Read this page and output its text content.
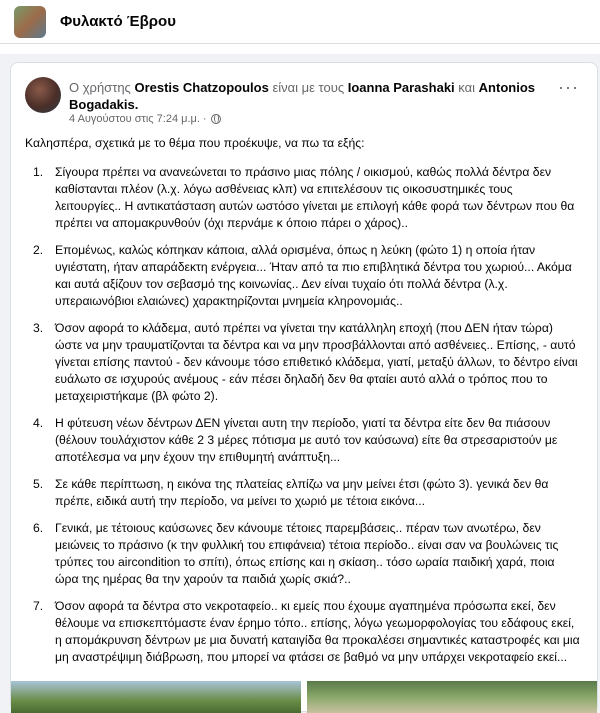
Φυλακτό Έβρου
Ο χρήστης Orestis Chatzopoulos είναι με τους Ioanna Parashaki και Antonios Bogadakis.
4 Αυγούστου στις 7:24 μ.μ. ·
···

Καλησπέρα, σχετικά με το θέμα που προέκυψε, να πω τα εξής:

1. Σίγουρα πρέπει να ανανεώνεται το πράσινο μιας πόλης / οικισμού, καθώς πολλά δέντρα δεν καθίστανται πλέον (λ.χ. λόγω ασθένειας κλπ) να επιτελέσουν τις οικοσυστημικές τους λειτουργίες.. Η αντικατάσταση αυτών ωστόσο γίνεται με επιλογή κάθε φορά των δέντρων που θα πρέπει να απομακρυνθούν (όχι περνάμε κ όποιο πάρει ο χάρος)..
2. Επομένως, καλώς κόπηκαν κάποια, αλλά ορισμένα, όπως η λεύκη (φώτο 1) η οποία ήταν υγιέστατη, ήταν απαράδεκτη ενέργεια... Ήταν από τα πιο επιβλητικά δέντρα του χωριού... Ακόμα και αυτά αξίζουν τον σεβασμό της κοινωνίας.. Δεν είναι τυχαίο ότι πολλά δέντρα (λ.χ. υπεραιωνόβιοι ελαιώνες) χαρακτηρίζονται μνημεία κληρονομιάς..
3. Όσον αφορά το κλάδεμα, αυτό πρέπει να γίνεται την κατάλληλη εποχή (που ΔΕΝ ήταν τώρα) ώστε να μην τραυματίζονται τα δέντρα και να μην προσβάλλονται από ασθένειες.. Επίσης, - αυτό γίνεται επίσης παντού - δεν κάνουμε τόσο επιθετικό κλάδεμα, γιατί, μεταξύ άλλων, το δέντρο είναι ευάλωτο σε ισχυρούς ανέμους - εάν πέσει δηλαδή δεν θα φταίει αυτό αλλά ο τρόπος που το μεταχειριστήκαμε (βλ φώτο 2).
4. Η φύτευση νέων δέντρων ΔΕΝ γίνεται αυτη την περίοδο, γιατί τα δέντρα είτε δεν θα πιάσουν (θέλουν τουλάχιστον κάθε 2 3 μέρες πότισμα με αυτό τον καύσωνα) είτε θα στρεσαριστούν με αποτέλεσμα να μην έχουν την επιθυμητή ανάπτυξη...
5. Σε κάθε περίπτωση, η εικόνα της πλατείας ελπίζω να μην μείνει έτσι (φώτο 3). γενικά δεν θα πρέπε, ειδικά αυτή την περίοδο, να μείνει το χωριό με τέτοια εικόνα...
6. Γενικά, με τέτοιους καύσωνες δεν κάνουμε τέτοιες παρεμβάσεις.. πέραν των ανωτέρω, δεν μειώνεις το πράσινο (κ την φυλλική του επιφάνεια) τέτοια περίοδο.. είναι σαν να βουλώνεις τις τρύπες του aircondition το σπίτι), όπως επίσης και η σκίαση.. τόσο ωραία παιδική χαρά, ποια ώρα της ημέρας θα την χαρούν τα παιδιά χωρίς σκιά?..
7. Όσον αφορά τα δέντρα στο νεκροταφείο.. κι εμείς που έχουμε αγαπημένα πρόσωπα εκεί, δεν θέλουμε να επισκεπτόμαστε έναν έρημο τόπο.. επίσης, λόγω γεωμορφολογίας του εδάφους εκεί, η απομάκρυνση δέντρων με μια δυνατή καταιγίδα θα προκαλέσει σημαντικές καταστροφές και μια μη αναστρέψιμη διάβρωση, που μπορεί να φτάσει σε βαθμό να μην υπάρχει νεκροταφείο εκεί...
